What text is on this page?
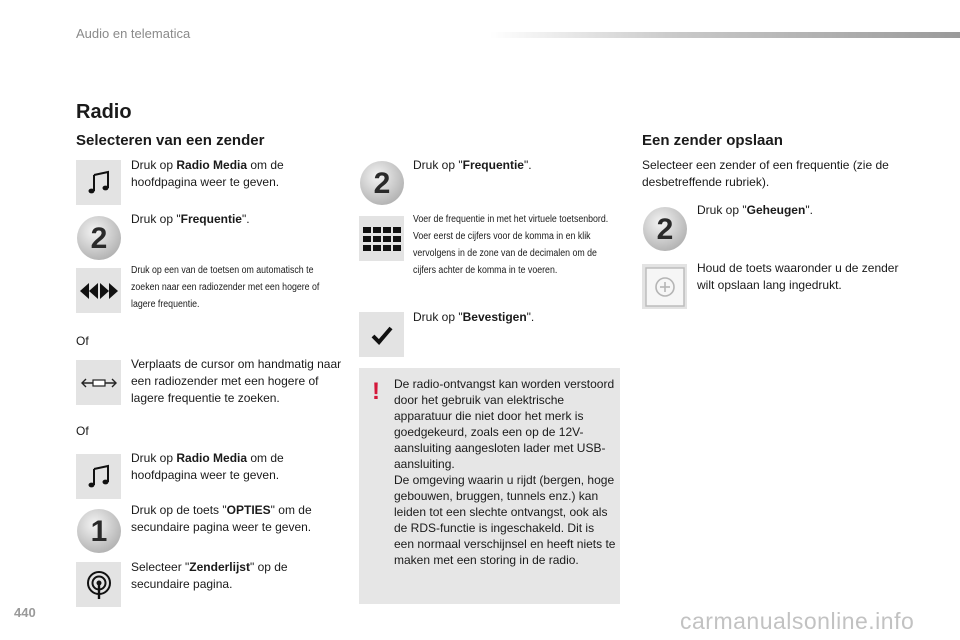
Audio en telematica
Radio
Selecteren van een zender
Druk op Radio Media om de hoofdpagina weer te geven.
2
Druk op "Frequentie".
Druk op een van de toetsen om automatisch te zoeken naar een radiozender met een hogere of lagere frequentie.
Of
Verplaats de cursor om handmatig naar een radiozender met een hogere of lagere frequentie te zoeken.
Of
Druk op Radio Media om de hoofdpagina weer te geven.
1
Druk op de toets "OPTIES" om de secundaire pagina weer te geven.
Selecteer "Zenderlijst" op de secundaire pagina.
2
Druk op "Frequentie".
Voer de frequentie in met het virtuele toetsenbord.
Voer eerst de cijfers voor de komma in en klik vervolgens in de zone van de decimalen om de cijfers achter de komma in te voeren.
Druk op "Bevestigen".
! De radio-ontvangst kan worden verstoord door het gebruik van elektrische apparatuur die niet door het merk is goedgekeurd, zoals een op de 12V-aansluiting aangesloten lader met USB-aansluiting.
De omgeving waarin u rijdt (bergen, hoge gebouwen, bruggen, tunnels enz.) kan leiden tot een slechte ontvangst, ook als de RDS-functie is ingeschakeld. Dit is een normaal verschijnsel en heeft niets te maken met een storing in de radio.
Een zender opslaan
Selecteer een zender of een frequentie (zie de desbetreffende rubriek).
2
Druk op "Geheugen".
Houd de toets waaronder u de zender wilt opslaan lang ingedrukt.
440	carmanualsonline.info
